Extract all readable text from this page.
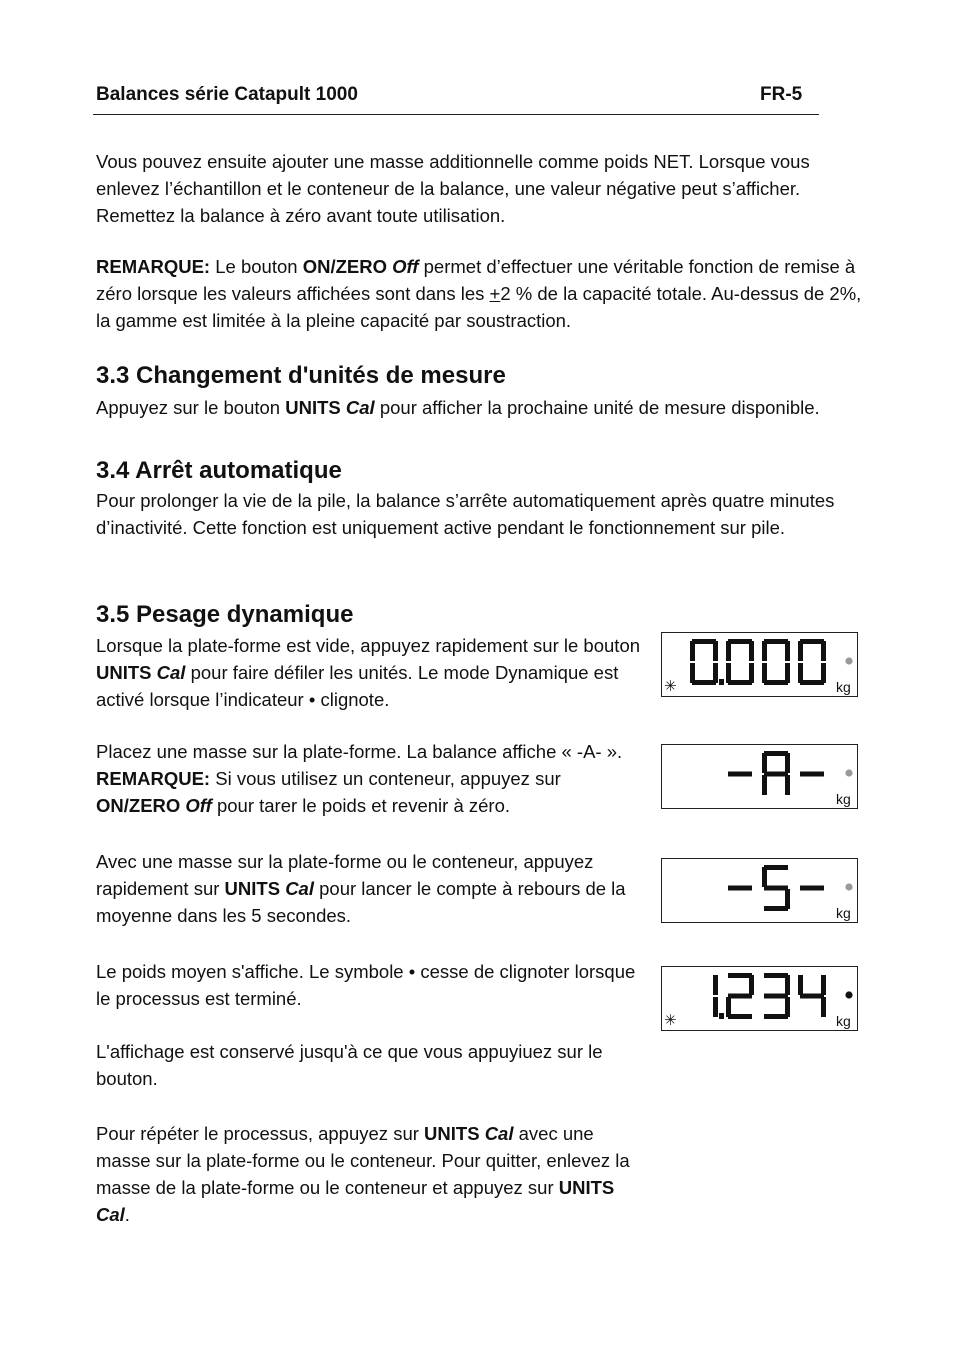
Balances série Catapult 1000	FR-5

Vous pouvez ensuite ajouter une masse additionnelle comme poids NET. Lorsque vous enlevez l’échantillon et le conteneur de la balance, une valeur négative peut s’afficher. Remettez la balance à zéro avant toute utilisation.

REMARQUE: Le bouton ON/ZERO Off permet d’effectuer une véritable fonction de remise à zéro lorsque les valeurs affichées sont dans les +2 % de la capacité totale. Au-dessus de 2%, la gamme est limitée à la pleine capacité par soustraction.

3.3 Changement d'unités de mesure

Appuyez sur le bouton UNITS Cal pour afficher la prochaine unité de mesure disponible.

3.4 Arrêt automatique

Pour prolonger la vie de la pile, la balance s’arrête automatiquement après quatre minutes d’inactivité. Cette fonction est uniquement active pendant le fonctionnement sur pile.

3.5 Pesage dynamique

Lorsque la plate-forme est vide, appuyez rapidement sur le bouton UNITS Cal pour faire défiler les unités. Le mode Dynamique est activé lorsque l’indicateur • clignote.

Placez une masse sur la plate-forme. La balance affiche « -A- ». REMARQUE: Si vous utilisez un conteneur, appuyez sur ON/ZERO Off pour tarer le poids et revenir à zéro.

Avec une masse sur la plate-forme ou le conteneur, appuyez rapidement sur UNITS Cal pour lancer le compte à rebours de la moyenne dans les 5 secondes.

Le poids moyen s'affiche. Le symbole • cesse de clignoter lorsque le processus est terminé.

L'affichage est conservé jusqu'à ce que vous appuyiuez sur le bouton.

Pour répéter le processus, appuyez sur UNITS Cal avec une masse sur la plate-forme ou le conteneur. Pour quitter, enlevez la masse de la plate-forme ou le conteneur et appuyez sur UNITS Cal.

kg
✳
kg
kg
kg
✳
